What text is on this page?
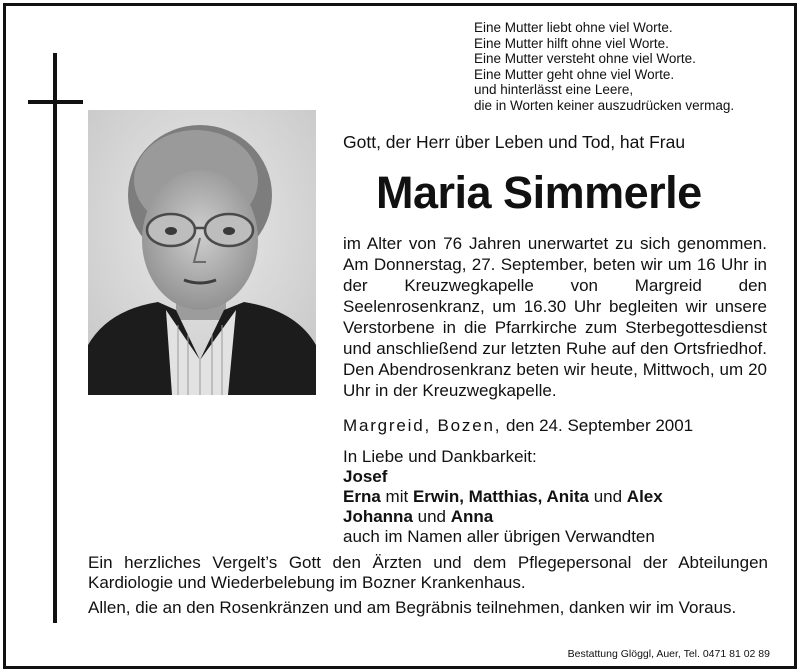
Eine Mutter liebt ohne viel Worte.
Eine Mutter hilft ohne viel Worte.
Eine Mutter versteht ohne viel Worte.
Eine Mutter geht ohne viel Worte.
und hinterlässt eine Leere,
die in Worten keiner auszudrücken vermag.
Gott, der Herr über Leben und Tod, hat Frau
Maria Simmerle
im Alter von 76 Jahren unerwartet zu sich genommen. Am Donnerstag, 27. September, beten wir um 16 Uhr in der Kreuzwegkapelle von Margreid den Seelenrosenkranz, um 16.30 Uhr begleiten wir unsere Verstorbene in die Pfarrkirche zum Sterbegottesdienst und anschließend zur letzten Ruhe auf den Ortsfriedhof. Den Abendrosenkranz beten wir heute, Mittwoch, um 20 Uhr in der Kreuzwegkapelle.
Margreid, Bozen, den 24. September 2001
In Liebe und Dankbarkeit:
Josef
Erna mit Erwin, Matthias, Anita und Alex
Johanna und Anna
auch im Namen aller übrigen Verwandten

Ein herzliches Vergelt’s Gott den Ärzten und dem Pflegepersonal der Abteilungen Kardiologie und Wiederbelebung im Bozner Krankenhaus.

Allen, die an den Rosenkränzen und am Begräbnis teilnehmen, danken wir im Voraus.

Bestattung Glöggl, Auer, Tel. 0471 81 02 89
